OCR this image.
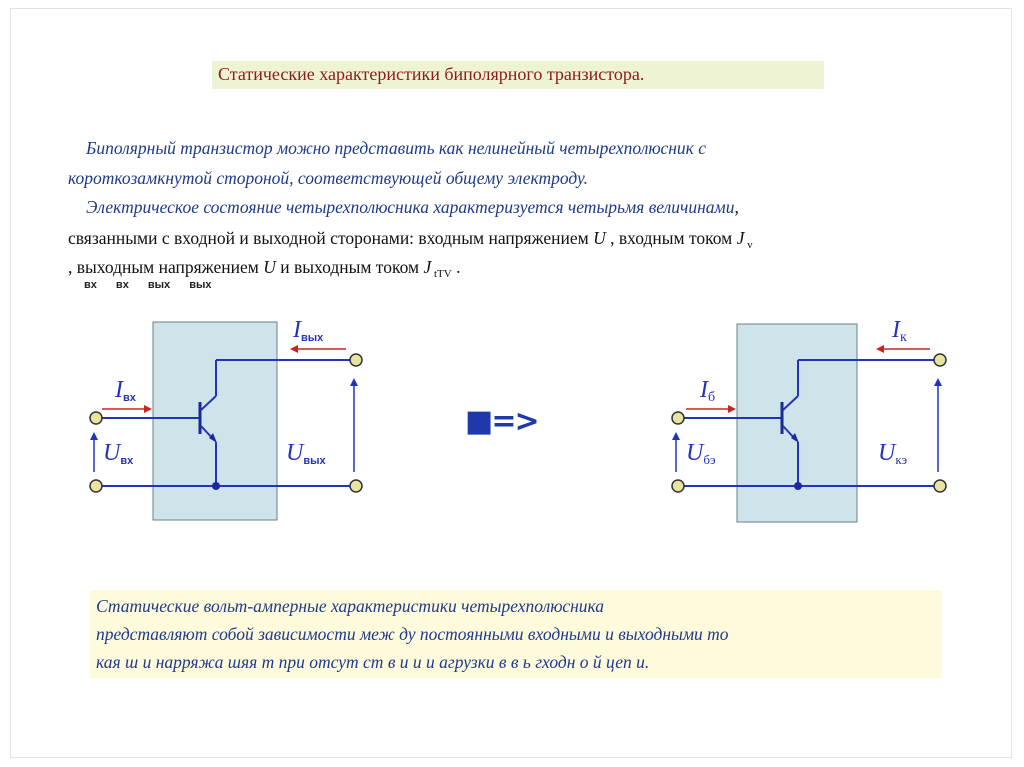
Статические характеристики биполярного транзистора.
Биполярный транзистор можно представить как нелинейный четырехполюсник с
короткозамкнутой стороной, соответствующей общему электроду.
Электрическое состояние четырехполюсника характеризуется четырьмя величинами,
связанными с входной и выходной сторонами: входным напряжением U , входным током J $_v$
, выходным напряжением U и выходным током J $_{tTV}$ .
вх вх вых вых
Iвх
Uвх
Iвых
Uвых
■=>
Iб
Uбэ
Iк
Uкэ
Статические вольт-амперные характеристики четырехполюсника
представляют собой зависимости меж ду постоянными входными и выходными то
кая ш и нарряжа шяя т при отсут ст в и и и агрузки в в ь гходн о й цеп и.
